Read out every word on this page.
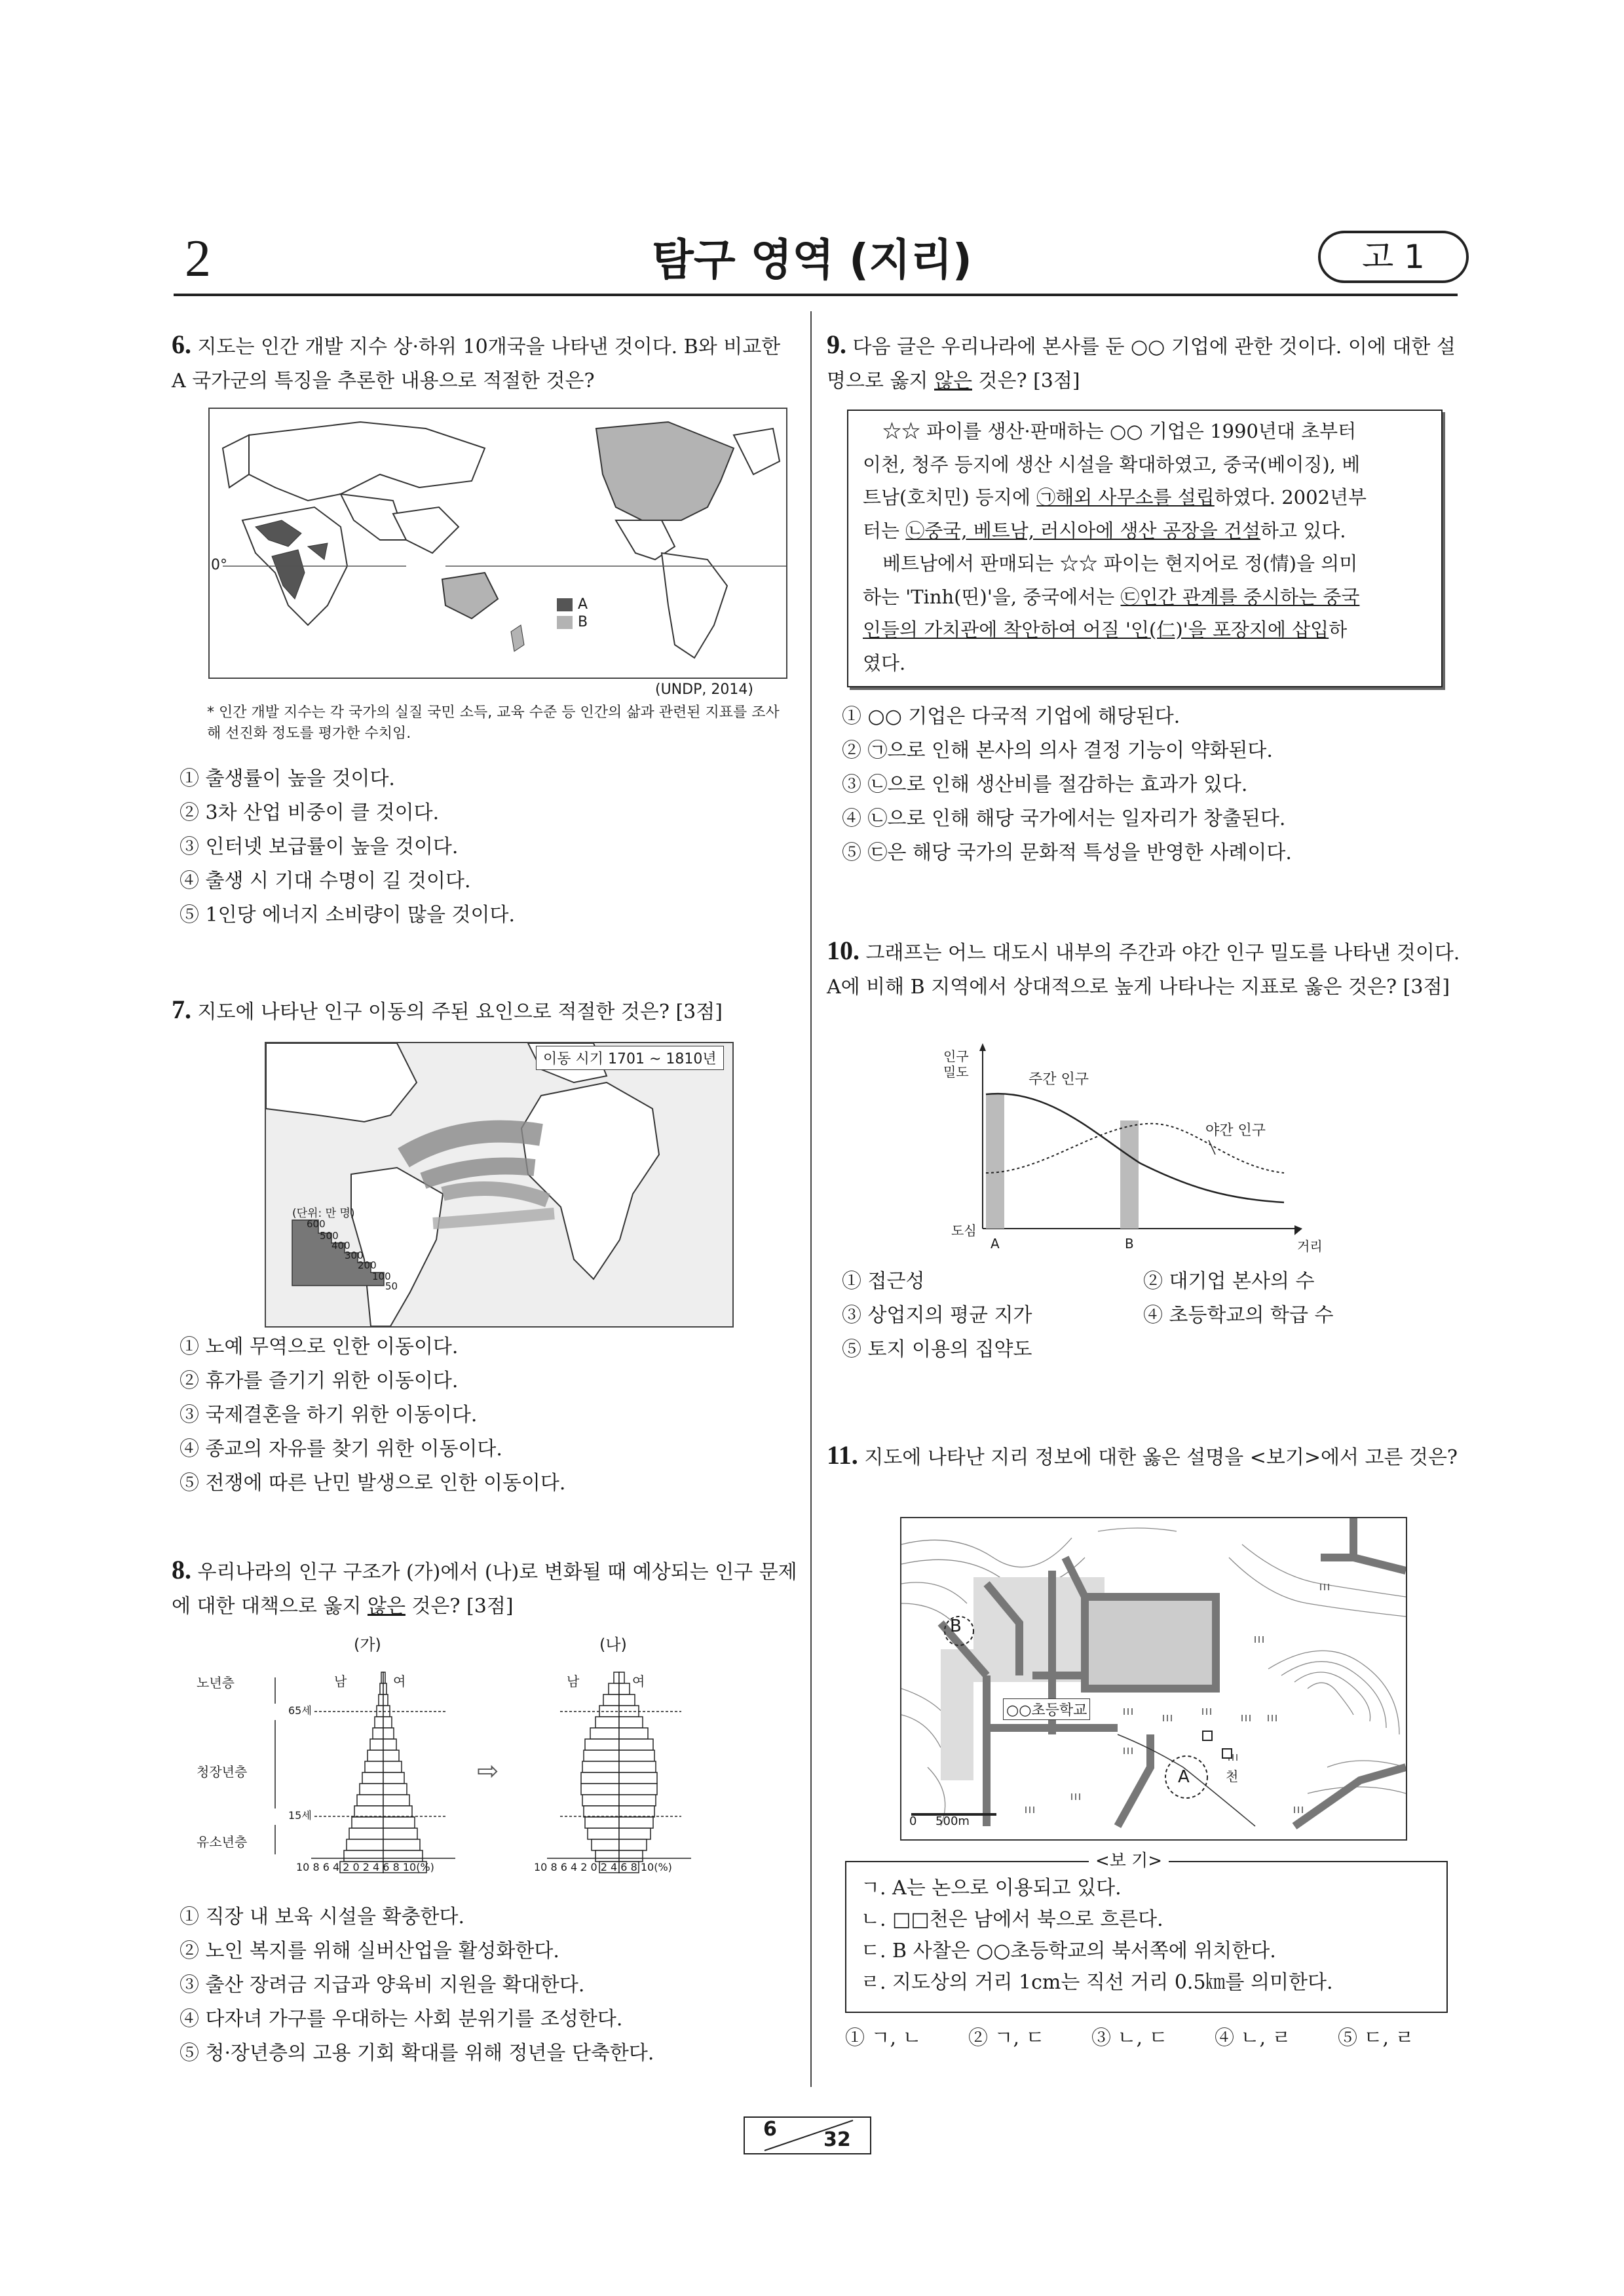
2	탐구 영역 (지리)	고 1
6. 지도는 인간 개발 지수 상·하위 10개국을 나타낸 것이다. B와 비교한 A 국가군의 특징을 추론한 내용으로 적절한 것은?
0°
A
B
(UNDP, 2014)
* 인간 개발 지수는 각 국가의 실질 국민 소득, 교육 수준 등 인간의 삶과 관련된 지표를 조사해 선진화 정도를 평가한 수치임.
① 출생률이 높을 것이다.
② 3차 산업 비중이 클 것이다.
③ 인터넷 보급률이 높을 것이다.
④ 출생 시 기대 수명이 길 것이다.
⑤ 1인당 에너지 소비량이 많을 것이다.
7. 지도에 나타난 인구 이동의 주된 요인으로 적절한 것은? [3점]
이동 시기 1701 ~ 1810년
(단위: 만 명)
600
500
400
300
200
100
50
① 노예 무역으로 인한 이동이다.
② 휴가를 즐기기 위한 이동이다.
③ 국제결혼을 하기 위한 이동이다.
④ 종교의 자유를 찾기 위한 이동이다.
⑤ 전쟁에 따른 난민 발생으로 인한 이동이다.
8. 우리나라의 인구 구조가 (가)에서 (나)로 변화될 때 예상되는 인구 문제에 대한 대책으로 옳지 않은 것은? [3점]
(가)	(나)
남	여	남	여
노년층
청장년층
유소년층
65세
15세
⇨
10 8 6 4 2 0 2 4 6 8 10(%)	10 8 6 4 2 0 2 4 6 8 10(%)
① 직장 내 보육 시설을 확충한다.
② 노인 복지를 위해 실버산업을 활성화한다.
③ 출산 장려금 지급과 양육비 지원을 확대한다.
④ 다자녀 가구를 우대하는 사회 분위기를 조성한다.
⑤ 청·장년층의 고용 기회 확대를 위해 정년을 단축한다.
9. 다음 글은 우리나라에 본사를 둔 ○○ 기업에 관한 것이다. 이에 대한 설명으로 옳지 않은 것은? [3점]
☆☆ 파이를 생산·판매하는 ○○ 기업은 1990년대 초부터
이천, 청주 등지에 생산 시설을 확대하였고, 중국(베이징), 베
트남(호치민) 등지에 ㉠해외 사무소를 설립하였다. 2002년부
터는 ㉡중국, 베트남, 러시아에 생산 공장을 건설하고 있다.
베트남에서 판매되는 ☆☆ 파이는 현지어로 정(情)을 의미
하는 'Tinh(띤)'을, 중국에서는 ㉢인간 관계를 중시하는 중국
인들의 가치관에 착안하여 어질 '인(仁)'을 포장지에 삽입하
였다.
① ○○ 기업은 다국적 기업에 해당된다.
② ㉠으로 인해 본사의 의사 결정 기능이 약화된다.
③ ㉡으로 인해 생산비를 절감하는 효과가 있다.
④ ㉡으로 인해 해당 국가에서는 일자리가 창출된다.
⑤ ㉢은 해당 국가의 문화적 특성을 반영한 사례이다.
10. 그래프는 어느 대도시 내부의 주간과 야간 인구 밀도를 나타낸 것이다. A에 비해 B 지역에서 상대적으로 높게 나타나는 지표로 옳은 것은? [3점]
인구
밀도	주간 인구
야간 인구
도심
거리
A	B
① 접근성	② 대기업 본사의 수
③ 상업지의 평균 지가	④ 초등학교의 학급 수
⑤ 토지 이용의 집약도
11. 지도에 나타난 지리 정보에 대한 옳은 설명을 <보기>에서 고른 것은?
B
A
○○초등학교
천
0     500m
<보 기>
ㄱ. A는 논으로 이용되고 있다.
ㄴ. □□천은 남에서 북으로 흐른다.
ㄷ. B 사찰은 ○○초등학교의 북서쪽에 위치한다.
ㄹ. 지도상의 거리 1cm는 직선 거리 0.5㎞를 의미한다.
① ㄱ, ㄴ ② ㄱ, ㄷ ③ ㄴ, ㄷ ④ ㄴ, ㄹ ⑤ ㄷ, ㄹ
6 32
